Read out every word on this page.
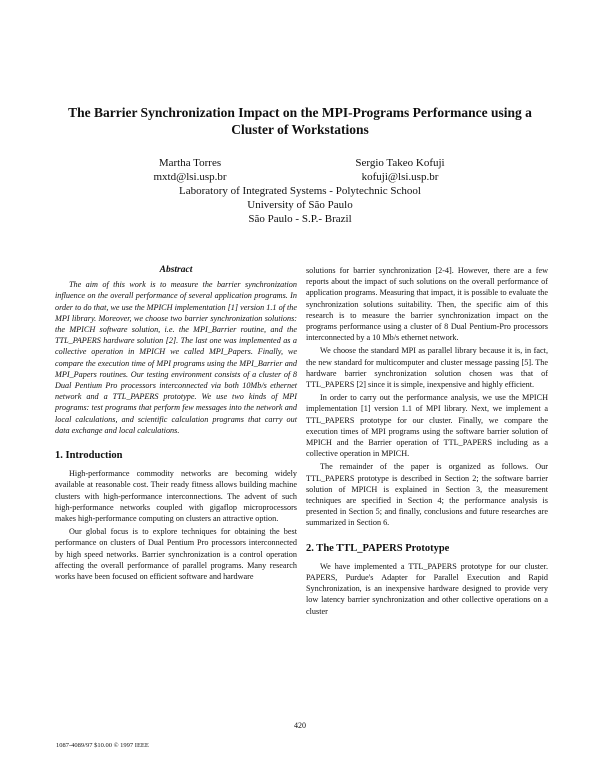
The Barrier Synchronization Impact on the MPI-Programs Performance using a
Cluster of Workstations
Martha Torres
mxtd@lsi.usp.br
Sergio Takeo Kofuji
kofuji@lsi.usp.br
Laboratory of Integrated Systems - Polytechnic School
University of São Paulo
São Paulo - S.P.- Brazil
Abstract

The aim of this work is to measure the barrier synchronization influence on the overall performance of several application programs. In order to do that, we use the MPICH implementation [1] version 1.1 of the MPI library. Moreover, we choose two barrier synchronization solutions: the MPICH software solution, i.e. the MPI_Barrier routine, and the TTL_PAPERS hardware solution [2]. The last one was implemented as a collective operation in MPICH we called MPI_Papers. Finally, we compare the execution time of MPI programs using the MPI_Barrier and MPI_Papers routines. Our testing environment consists of a cluster of 8 Dual Pentium Pro processors interconnected via both 10Mb/s ethernet network and a TTL_PAPERS prototype. We use two kinds of MPI programs: test programs that perform few messages into the network and local calculations, and scientific calculation programs that carry out data exchange and local calculations.

1. Introduction

High-performance commodity networks are becoming widely available at reasonable cost. Their ready fitness allows building machine clusters with high-performance interconnections. The advent of such high-performance networks coupled with gigaflop microprocessors makes high-performance computing on clusters an attractive option.

Our global focus is to explore techniques for obtaining the best performance on clusters of Dual Pentium Pro processors interconnected by high speed networks. Barrier synchronization is a control operation affecting the overall performance of parallel programs. Many research works have been focused on efficient software and hardware

solutions for barrier synchronization [2-4]. However, there are a few reports about the impact of such solutions on the overall performance of application programs. Measuring that impact, it is possible to evaluate the synchronization solutions suitability. Then, the specific aim of this research is to measure the barrier synchronization impact on the programs performance using a cluster of 8 Dual Pentium-Pro processors interconnected by a 10 Mb/s ethernet network.

We choose the standard MPI as parallel library because it is, in fact, the new standard for multicomputer and cluster message passing [5]. The hardware barrier synchronization solution chosen was that of TTL_PAPERS [2] since it is simple, inexpensive and highly efficient.

In order to carry out the performance analysis, we use the MPICH implementation [1] version 1.1 of MPI library. Next, we implement a TTL_PAPERS prototype for our cluster. Finally, we compare the execution times of MPI programs using the software barrier solution of MPICH and the Barrier operation of TTL_PAPERS including as a collective operation in MPICH.

The remainder of the paper is organized as follows. Our TTL_PAPERS prototype is described in Section 2; the software barrier solution of MPICH is explained in Section 3, the measurement techniques are specified in Section 4; the performance analysis is presented in Section 5; and finally, conclusions and future researches are summarized in Section 6.

2. The TTL_PAPERS Prototype

We have implemented a TTL_PAPERS prototype for our cluster. PAPERS, Purdue's Adapter for Parallel Execution and Rapid Synchronization, is an inexpensive hardware designed to provide very low latency barrier synchronization and other collective operations on a cluster

420
1087-4089/97 $10.00 © 1997 IEEE
